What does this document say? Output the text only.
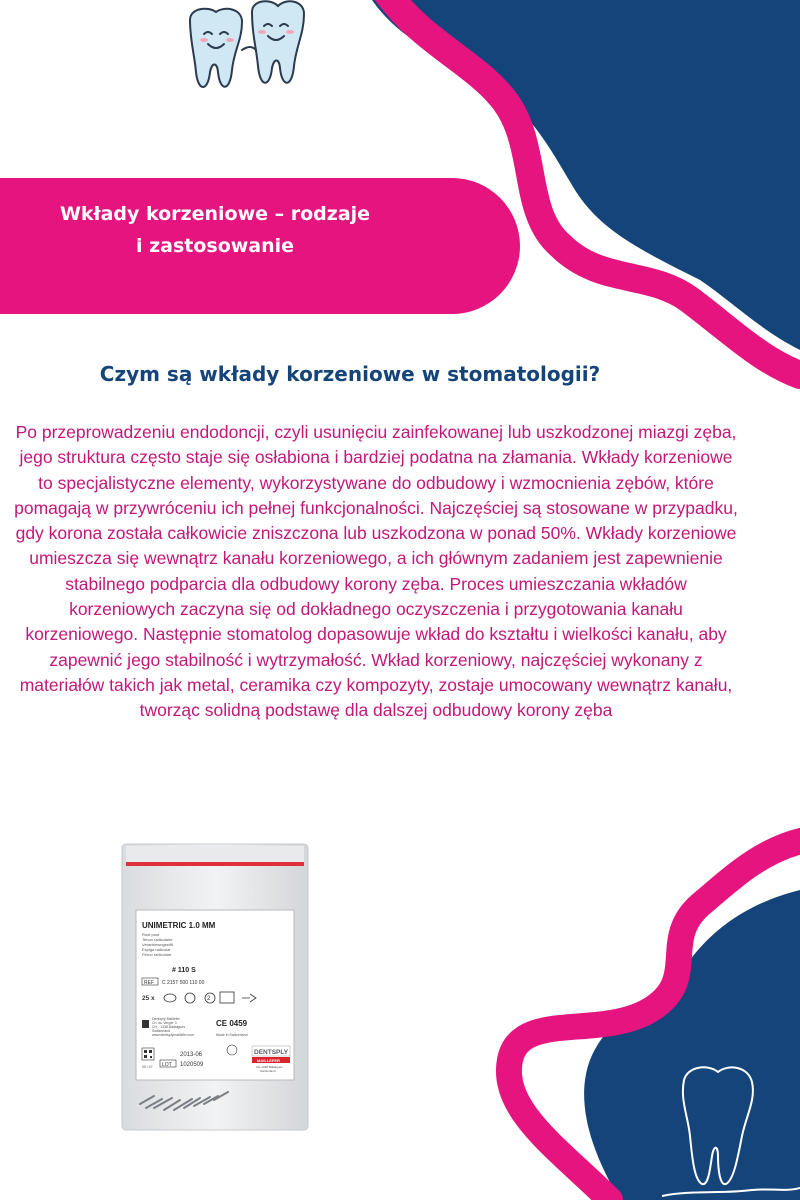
Wkłady korzeniowe – rodzaje
i zastosowanie
Czym są wkłady korzeniowe w stomatologii?
Po przeprowadzeniu endodoncji, czyli usunięciu zainfekowanej lub uszkodzonej miazgi zęba, jego struktura często staje się osłabiona i bardziej podatna na złamania. Wkłady korzeniowe to specjalistyczne elementy, wykorzystywane do odbudowy i wzmocnienia zębów, które pomagają w przywróceniu ich pełnej funkcjonalności. Najczęściej są stosowane w przypadku, gdy korona została całkowicie zniszczona lub uszkodzona w ponad 50%. Wkłady korzeniowe umieszcza się wewnątrz kanału korzeniowego, a ich głównym zadaniem jest zapewnienie stabilnego podparcia dla odbudowy korony zęba. Proces umieszczania wkładów korzeniowych zaczyna się od dokładnego oczyszczenia i przygotowania kanału korzeniowego. Następnie stomatolog dopasowuje wkład do kształtu i wielkości kanału, aby zapewnić jego stabilność i wytrzymałość. Wkład korzeniowy, najczęściej wykonany z materiałów takich jak metal, ceramika czy kompozyty, zostaje umocowany wewnątrz kanału, tworząc solidną podstawę dla dalszej odbudowy korony zęba
UNIMETRIC 1.0 MM
Root post
Tenon radiculaire
Verankerungsstift
Espiga radicular
Perno radicolare
# 110 S
REF C 215T 500 110 00
25 x	2
Dentsply Maillefer
Ch. du Verger 3
CH - 1338 Ballaigues
Switzerland
www.dentsplymaillefer.com
CE 0459
Made in Switzerland
05 / 07
2013-06
LOT 1020509
DENTSPLY
MAILLEFER
CH-1338 Ballaigues
Switzerland
